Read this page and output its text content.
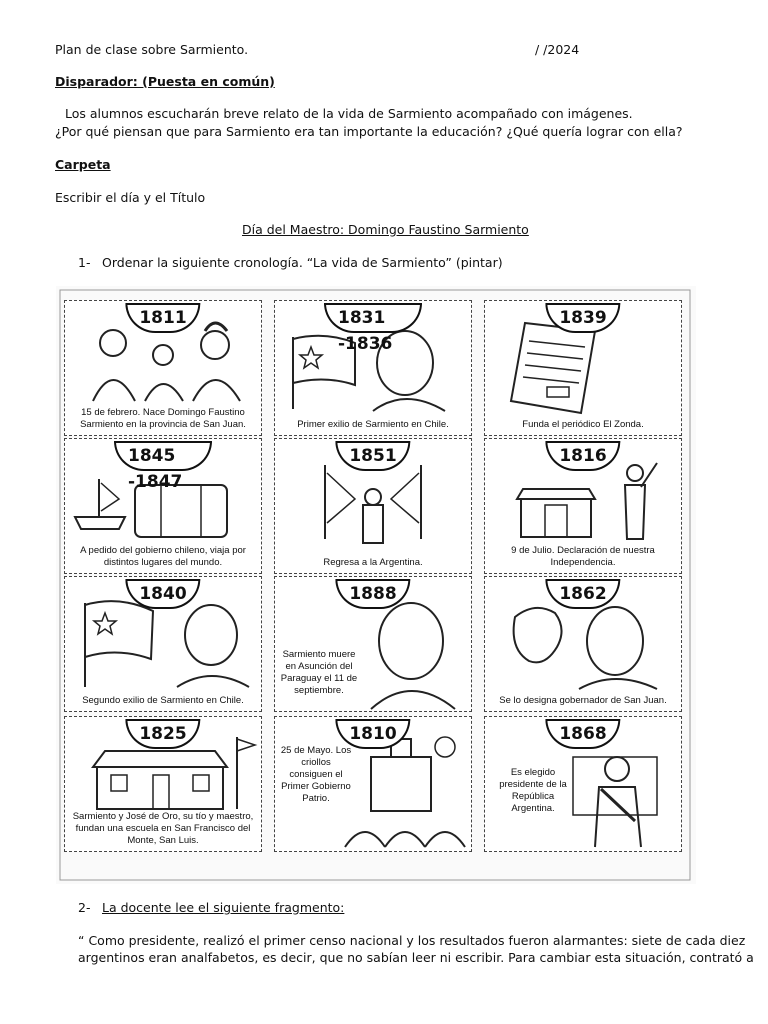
Plan de clase sobre Sarmiento.	/ /2024
Disparador: (Puesta en común)
Los alumnos escucharán breve relato de la vida de Sarmiento acompañado con imágenes.
¿Por qué piensan que para Sarmiento era tan importante la educación? ¿Qué quería lograr con ella?
Carpeta
Escribir el día y el Título
Día del Maestro: Domingo Faustino Sarmiento
1- Ordenar la siguiente cronología. “La vida de Sarmiento” (pintar)
1811
15 de febrero. Nace Domingo Faustino Sarmiento en la provincia de San Juan.
1831 -1836
Primer exilio de Sarmiento en Chile.
1839
Funda el periódico El Zonda.
1845 -1847
A pedido del gobierno chileno, viaja por distintos lugares del mundo.
1851
Regresa a la Argentina.
1816
9 de Julio. Declaración de nuestra Independencia.
1840
Segundo exilio de Sarmiento en Chile.
1888
Sarmiento muere en Asunción del Paraguay el 11 de septiembre.
1862
Se lo designa gobernador de San Juan.
1825
Sarmiento y José de Oro, su tío y maestro, fundan una escuela en San Francisco del Monte, San Luis.
1810
25 de Mayo. Los criollos consiguen el Primer Gobierno Patrio.
1868
Es elegido presidente de la República Argentina.
2- La docente lee el siguiente fragmento:
“ Como presidente, realizó el primer censo nacional y los resultados fueron alarmantes: siete de cada diez
argentinos eran analfabetos, es decir, que no sabían leer ni escribir. Para cambiar esta situación, contrató a
